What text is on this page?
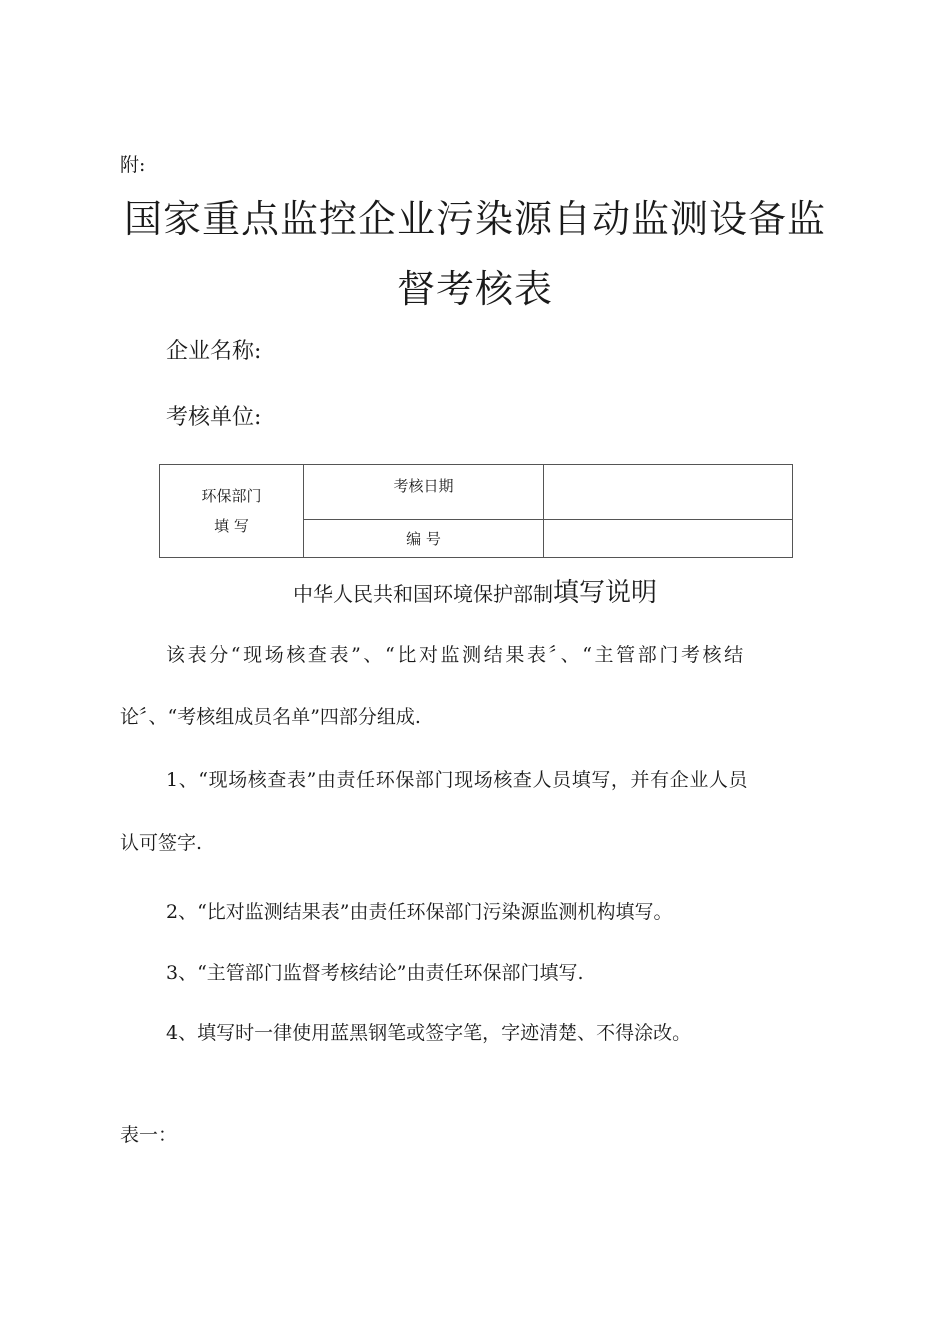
附:
国家重点监控企业污染源自动监测设备监
督考核表
企业名称:
考核单位:
环保部门
填 写	考核日期	
	编 号	
中华人民共和国环境保护部制填写说明
该表分“现场核查表”、“比对监测结果表〞、“主管部门考核结
论〞、“考核组成员名单”四部分组成.
1、“现场核查表”由责任环保部门现场核查人员填写，并有企业人员
认可签字.
2、“比对监测结果表”由责任环保部门污染源监测机构填写。
3、“主管部门监督考核结论”由责任环保部门填写.
4、填写时一律使用蓝黑钢笔或签字笔，字迹清楚、不得涂改。
表一：
